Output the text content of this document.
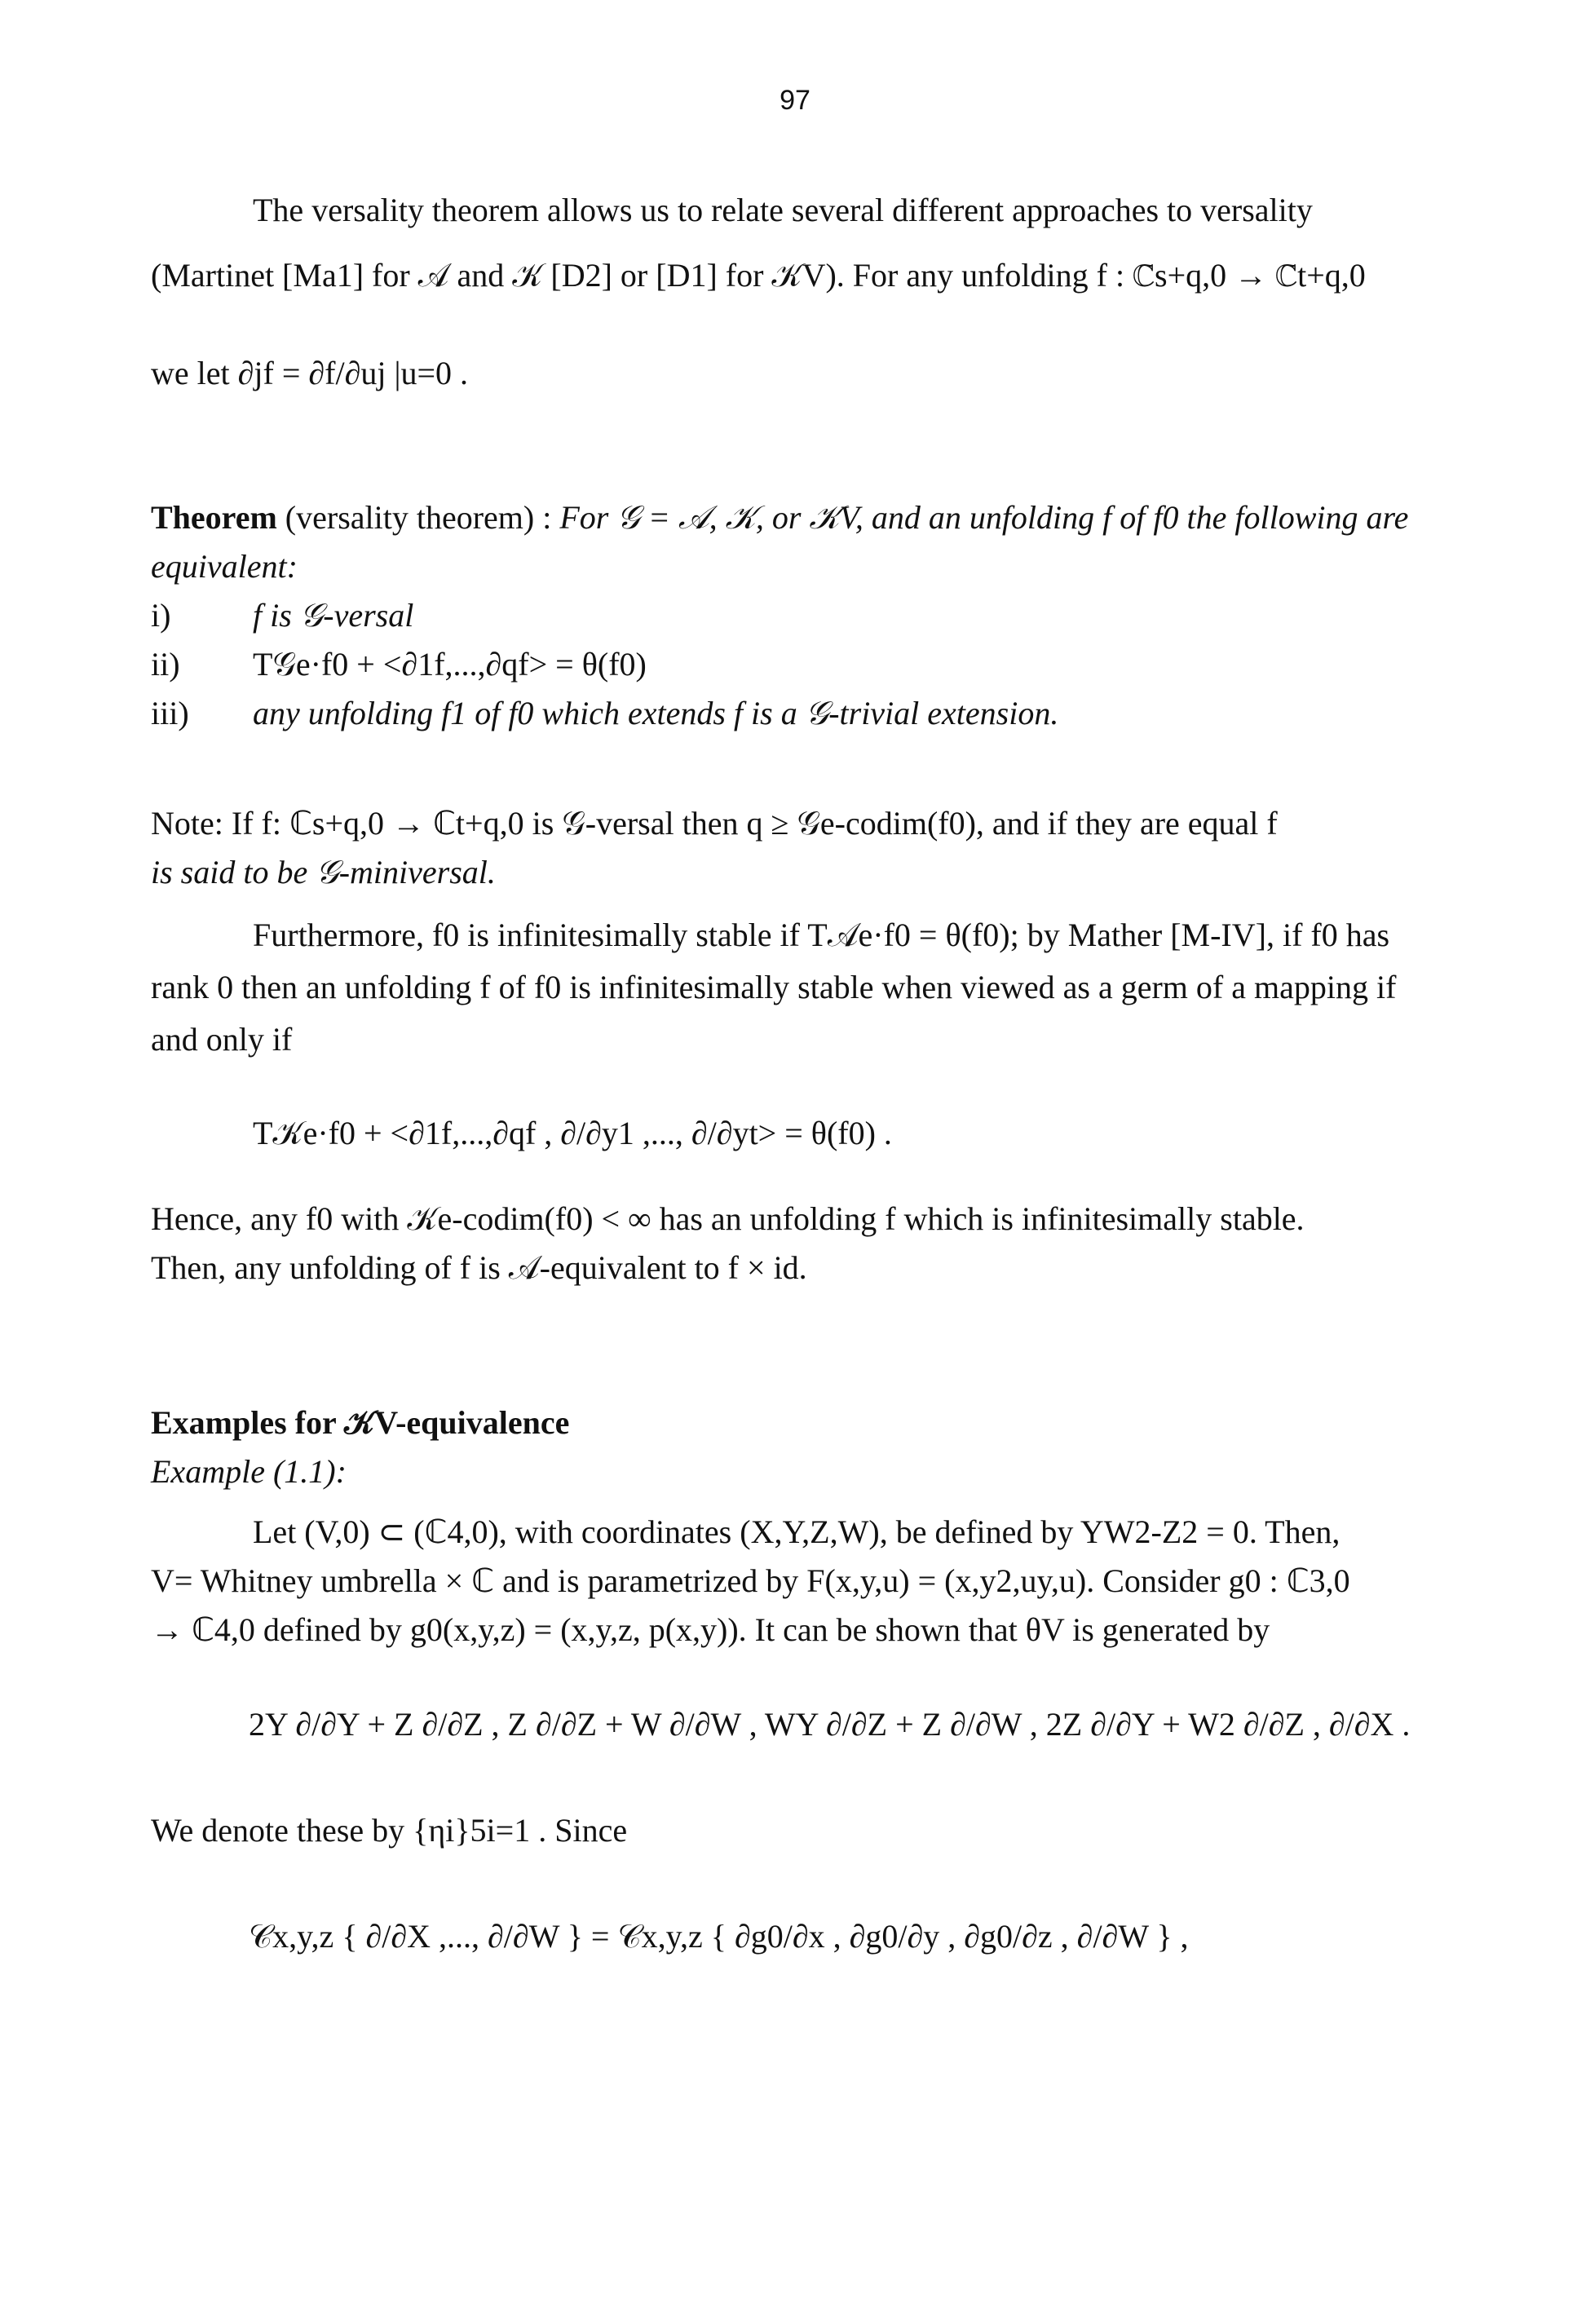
97

The versality theorem allows us to relate several different approaches to versality

(Martinet [Ma1] for 𝒜 and 𝒦 [D2] or [D1] for 𝒦V). For any unfolding f : ℂs+q,0 → ℂt+q,0

we let ∂jf = ∂f/∂uj |u=0 .

Theorem (versality theorem) : For 𝒢 = 𝒜, 𝒦, or 𝒦V, and an unfolding f of f0 the following are equivalent:

i)	f is 𝒢-versal
ii)	T𝒢e·f0 + <∂1f,...,∂qf> = θ(f0)
iii)	any unfolding f1 of f0 which extends f is a 𝒢-trivial extension.

Note: If f: ℂs+q,0 → ℂt+q,0 is 𝒢-versal then q ≥ 𝒢e-codim(f0), and if they are equal f

is said to be 𝒢-miniversal.

Furthermore, f0 is infinitesimally stable if T𝒜e·f0 = θ(f0); by Mather [M-IV], if f0 has rank 0 then an unfolding f of f0 is infinitesimally stable when viewed as a germ of a mapping if and only if

T𝒦e·f0 + <∂1f,...,∂qf , ∂/∂y1 ,..., ∂/∂yt> = θ(f0) .

Hence, any f0 with 𝒦e-codim(f0) < ∞ has an unfolding f which is infinitesimally stable.

Then, any unfolding of f is 𝒜-equivalent to f × id.

Examples for 𝒦V-equivalence

Example (1.1):

Let (V,0) ⊂ (ℂ4,0), with coordinates (X,Y,Z,W), be defined by YW2-Z2 = 0. Then,

V= Whitney umbrella × ℂ and is parametrized by F(x,y,u) = (x,y2,uy,u). Consider g0 : ℂ3,0

→ ℂ4,0 defined by g0(x,y,z) = (x,y,z, p(x,y)). It can be shown that θV is generated by

2Y ∂/∂Y + Z ∂/∂Z , Z ∂/∂Z + W ∂/∂W , WY ∂/∂Z + Z ∂/∂W , 2Z ∂/∂Y + W2 ∂/∂Z , ∂/∂X .

We denote these by {ηi}5i=1 . Since

𝒞x,y,z { ∂/∂X ,..., ∂/∂W } = 𝒞x,y,z { ∂g0/∂x , ∂g0/∂y , ∂g0/∂z , ∂/∂W } ,
